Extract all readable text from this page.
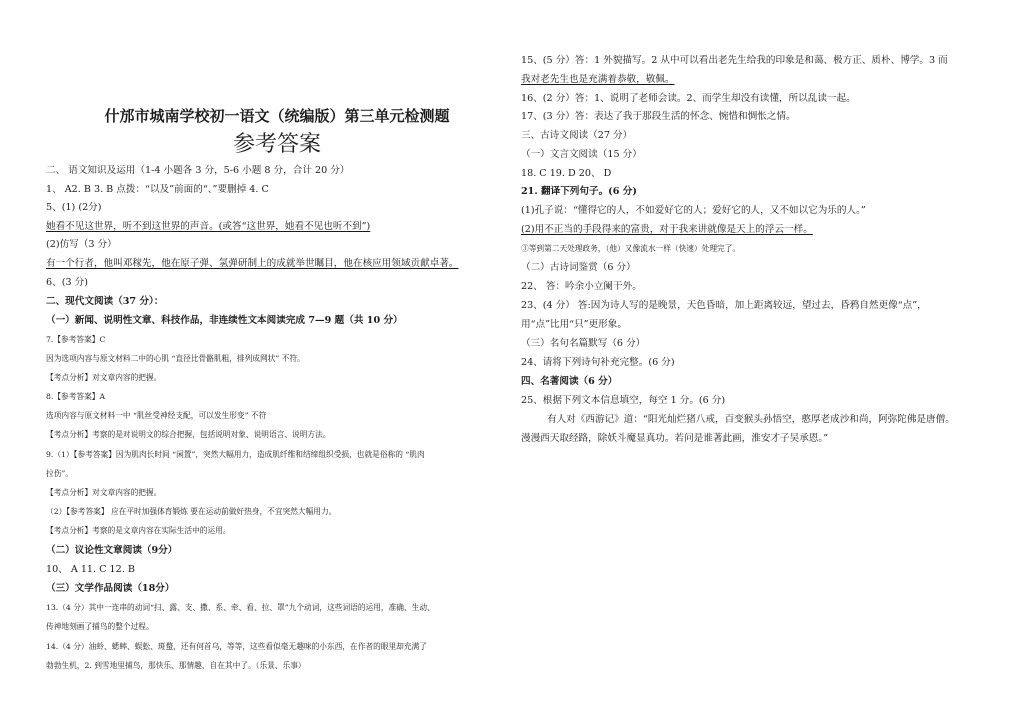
什邡市城南学校初一语文（统编版）第三单元检测题
参考答案
二、 语文知识及运用（1-4 小题各 3 分，5-6 小题 8 分，合计 20 分）
1、 A2. B 3. B 点拨：“以及”前面的“、”要删掉 4. C
5、(1) (2分)
她看不见这世界，听不到这世界的声音。(或答“这世界，她看不见也听不到”)
(2)仿写（3 分）
有一个行者，他叫邓稼先，他在原子弹、氢弹研制上的成就举世瞩目，他在核应用领域贡献卓著。
6、(3 分)
二、现代文阅读（37 分）：
（一）新闻、说明性文章、科技作品，非连续性文本阅读完成 7—9 题（共 10 分）
7.【参考答案】C
因为选项内容与原文材料二中的心肌 “直径比骨骼肌粗，排列成网状” 不符。
【考点分析】对文章内容的把握。
8.【参考答案】A
选项内容与原文材料一中 “肌丝受神经支配，可以发生形变” 不符
【考点分析】考察的是对说明文的综合把握，包括说明对象、说明语言、说明方法。
9.（1）【参考答案】因为肌肉长时间 “闲置”，突然大幅用力，造成肌纤维和结缔组织受损，也就是俗称的 “肌肉
拉伤”。
【考点分析】对文章内容的把握。
（2）【参考答案】 应在平时加强体育锻炼 要在运动前做好热身，不宜突然大幅用力。
【考点分析】考察的是文章内容在实际生活中的运用。
（二）议论性文章阅读（9分）
10、 A 11. C 12. B
（三）文学作品阅读（18分）
13.（4 分）其中一连串的动词“扫、露、支、撒、系、牵、看、拉、罩”九个动词，这些词语的运用，准确、生动、
传神地刻画了捕鸟的整个过程。
14.（4 分）油蛉、蟋蟀、蜈蚣、斑蝥，还有何首乌，等等，这些看似毫无趣味的小东西，在作者的眼里却充满了
勃勃生机，2. 到雪地里捕鸟，那快乐、那情趣，自在其中了。（乐景、乐事）
15、(5 分）答：1 外貌描写。2 从中可以看出老先生给我的印象是和蔼、极方正、质朴、博学。3 而
我对老先生也是充满着恭敬，敬佩。
16、(2 分）答：1、说明了老师会读。2、而学生却没有读懂，所以乱读一起。
17、(3 分）答：表达了我于那段生活的怀念、惋惜和惆怅之情。
三、古诗文阅读（27 分）
（一）文言文阅读（15 分）
18. C 19. D 20、 D
21. 翻译下列句子。(6 分)
(1)孔子说：“懂得它的人，不如爱好它的人；爱好它的人，又不如以它为乐的人。”
(2)用不正当的手段得来的富贵，对于我来讲就像是天上的浮云一样。
③等到第二天处理政务，（他）又像流水一样（快速）处理完了。
（二）古诗词鉴赏（6 分）
22、 答：吟余小立阑干外。
23、(4 分） 答:因为诗人写的是晚景，天色昏暗，加上距离较远，望过去，昏鸦自然更像“点”，
用“点”比用“只”更形象。
（三）名句名篇默写（6 分）
24、请将下列诗句补充完整。(6 分)
四、名著阅读（6 分）
25、根据下列文本信息填空，每空 1 分。(6 分)
有人对《西游记》道：“阳光灿烂猪八戒，百变猴头孙悟空，憨厚老成沙和尚，阿弥陀佛是唐僧。
漫漫西天取经路，除妖斗魔显真功。若问是谁著此画，淮安才子吴承恩。”
